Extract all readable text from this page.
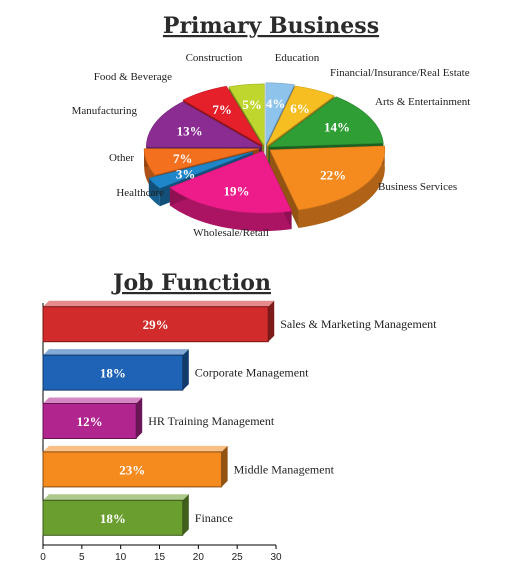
Primary Business
4% 6%
14%
22%
19%
3%
7%
13%
7% 5%
Education
Financial/Insurance/Real Estate
Arts & Entertainment
Business Services
Wholesale/Retail
Healthcare
Other
Manufacturing
Food & Beverage
Construction
Job Function
29%	Sales & Marketing Management
18%	Corporate Management
12%	HR Training Management
23%	Middle Management
18%	Finance
0	5	10	15	20	25	30
